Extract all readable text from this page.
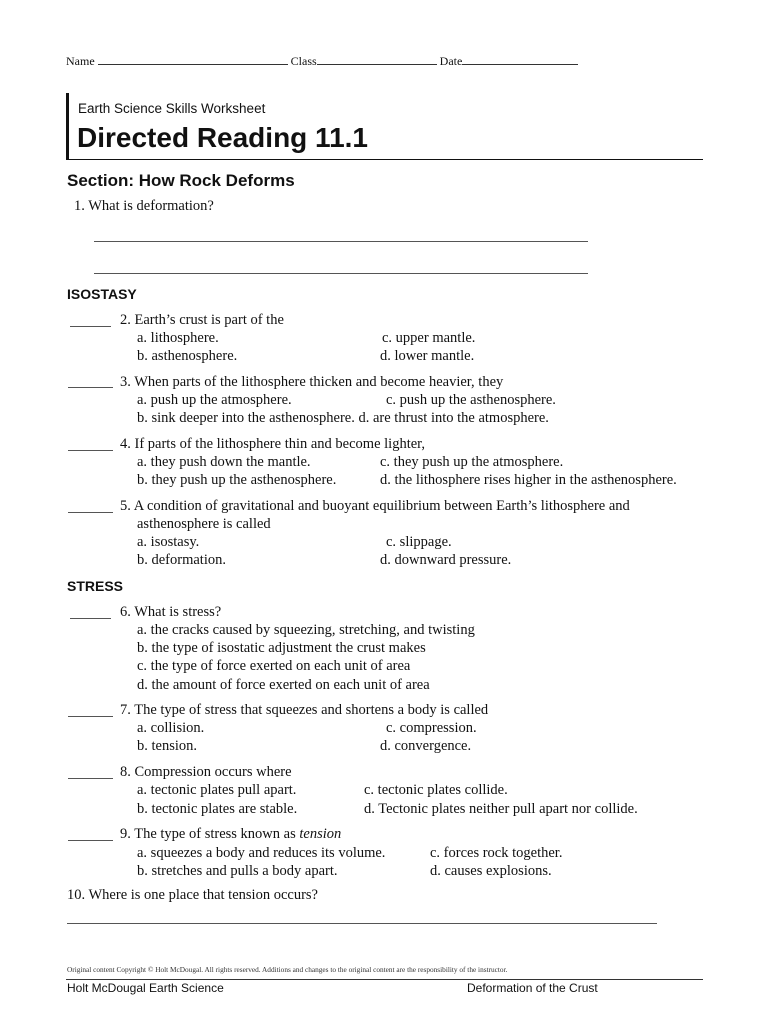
Name	Class	Date
Earth Science Skills Worksheet
Directed Reading 11.1
Section: How Rock Deforms
1. What is deformation?
ISOSTASY
2. Earth’s crust is part of the
a. lithosphere.
b. asthenosphere.
c. upper mantle.
d. lower mantle.
3. When parts of the lithosphere thicken and become heavier, they
a. push up the atmosphere.	c. push up the asthenosphere.
b. sink deeper into the asthenosphere. d. are thrust into the atmosphere.
4. If parts of the lithosphere thin and become lighter,
a. they push down the mantle.
b. they push up the asthenosphere.
c. they push up the atmosphere.
d. the lithosphere rises higher in the asthenosphere.
5. A condition of gravitational and buoyant equilibrium between Earth’s lithosphere and
asthenosphere is called
a. isostasy.
b. deformation.
c. slippage.
d. downward pressure.
STRESS
6. What is stress?
a. the cracks caused by squeezing, stretching, and twisting
b. the type of isostatic adjustment the crust makes
c. the type of force exerted on each unit of area
d. the amount of force exerted on each unit of area
7. The type of stress that squeezes and shortens a body is called
a. collision.
b. tension.
c. compression.
d. convergence.
8. Compression occurs where
a. tectonic plates pull apart.
b. tectonic plates are stable.
c. tectonic plates collide.
d. Tectonic plates neither pull apart nor collide.
9. The type of stress known as tension
a. squeezes a body and reduces its volume.
b. stretches and pulls a body apart.
c. forces rock together.
d. causes explosions.
10. Where is one place that tension occurs?
Original content Copyright © Holt McDougal. All rights reserved. Additions and changes to the original content are the responsibility of the instructor.
Holt McDougal Earth Science	Deformation of the Crust
